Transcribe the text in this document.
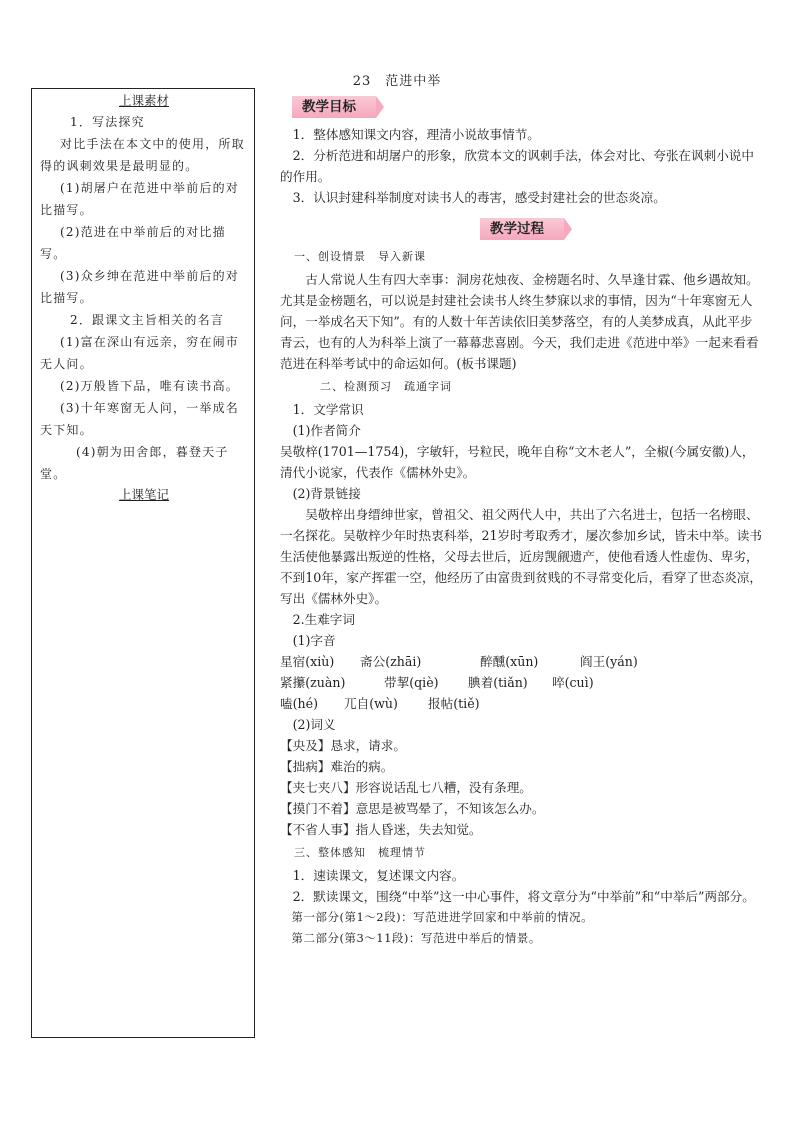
23　范进中举
上课素材

1．写法探究

对比手法在本文中的使用，所取得的讽刺效果是最明显的。

(1)胡屠户在范进中举前后的对比描写。

(2)范进在中举前后的对比描写。

(3)众乡绅在范进中举前后的对比描写。

2．跟课文主旨相关的名言

(1)富在深山有远亲，穷在闹市无人问。

(2)万般皆下品，唯有读书高。

(3)十年寒窗无人问，一举成名天下知。

(4)朝为田舍郎，暮登天子堂。

上课笔记
教学目标

1．整体感知课文内容，理清小说故事情节。

2．分析范进和胡屠户的形象，欣赏本文的讽刺手法，体会对比、夸张在讽刺小说中的作用。

3．认识封建科举制度对读书人的毒害，感受封建社会的世态炎凉。

教学过程

一、创设情景　导入新课

古人常说人生有四大幸事：洞房花烛夜、金榜题名时、久旱逢甘霖、他乡遇故知。尤其是金榜题名，可以说是封建社会读书人终生梦寐以求的事情，因为“十年寒窗无人问，一举成名天下知”。有的人数十年苦读依旧美梦落空，有的人美梦成真，从此平步青云，也有的人为科举上演了一幕幕悲喜剧。今天，我们走进《范进中举》一起来看看范进在科举考试中的命运如何。(板书课题)

二、检测预习　疏通字词

1．文学常识

(1)作者简介

吴敬梓(1701—1754)，字敏轩，号粒民，晚年自称“文木老人”，全椒(今属安徽)人，清代小说家，代表作《儒林外史》。

(2)背景链接

吴敬梓出身缙绅世家，曾祖父、祖父两代人中，共出了六名进士，包括一名榜眼、一名探花。吴敬梓少年时热衷科举，21岁时考取秀才，屡次参加乡试，皆未中举。读书生活使他暴露出叛逆的性格，父母去世后，近房觊觎遗产，使他看透人性虚伪、卑劣，不到10年，家产挥霍一空，他经历了由富贵到贫贱的不寻常变化后，看穿了世态炎凉，写出《儒林外史》。

2.生难字词

(1)字音

星宿(xiù)	斋公(zhāi)	醉醺(xūn)	阎王(yán)
紧攥(zuàn)	带挈(qiè)	腆着(tiǎn)	啐(cuì)
嗑(hé)	兀自(wù)	报帖(tiě)

(2)词义

【央及】恳求，请求。

【拙病】难治的病。

【夹七夹八】形容说话乱七八糟，没有条理。

【摸门不着】意思是被骂晕了，不知该怎么办。

【不省人事】指人昏迷，失去知觉。

三、整体感知　梳理情节

1．速读课文，复述课文内容。

2．默读课文，围绕“中举”这一中心事件，将文章分为“中举前”和“中举后”两部分。

第一部分(第1～2段)：写范进进学回家和中举前的情况。

第二部分(第3～11段)：写范进中举后的情景。
